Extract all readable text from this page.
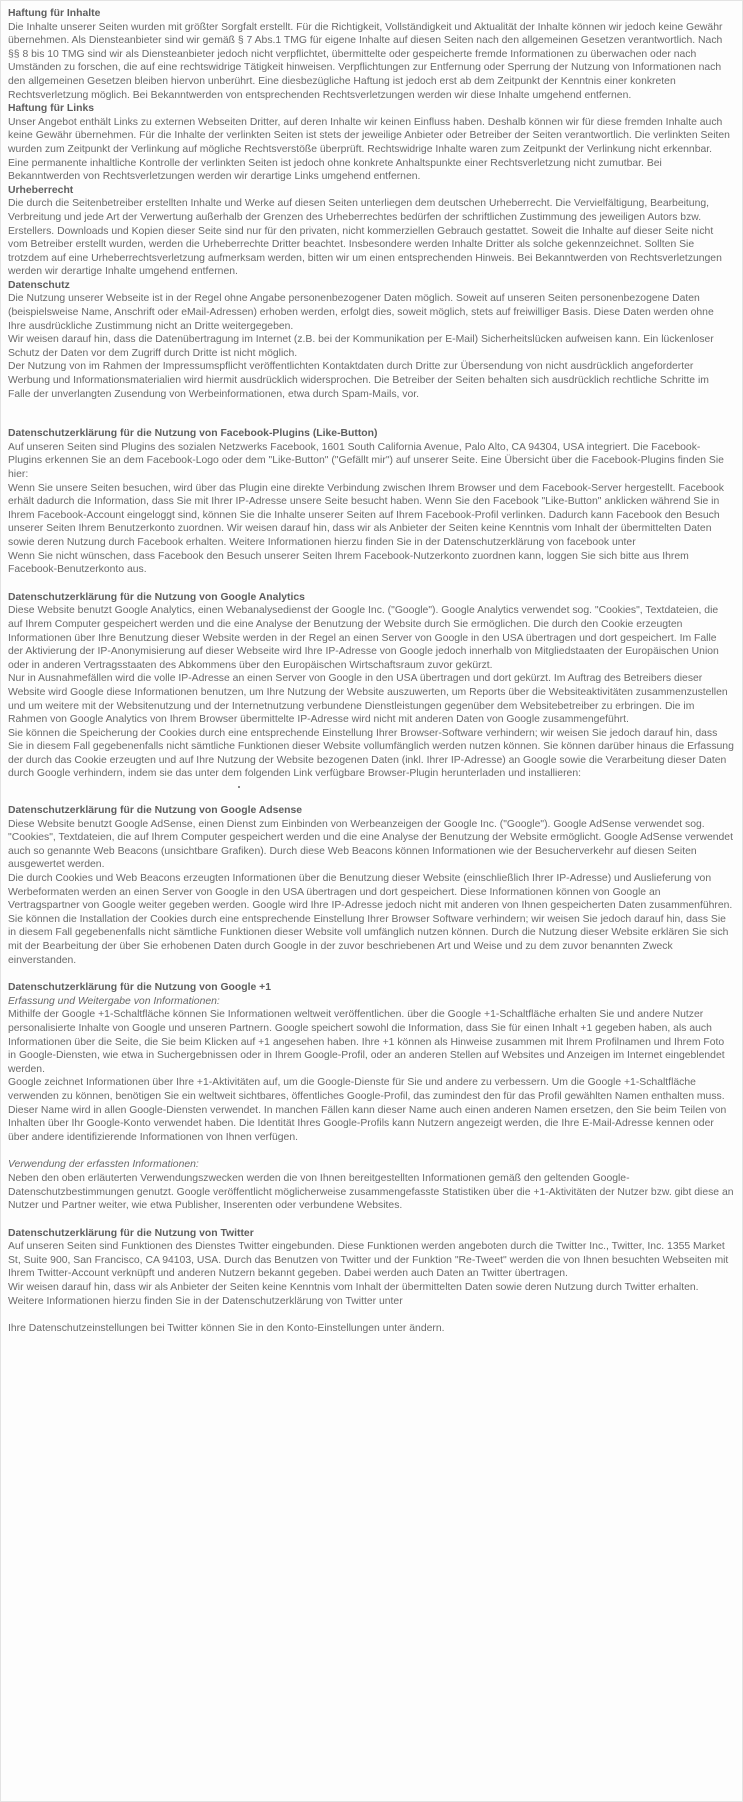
Haftung für Inhalte

Die Inhalte unserer Seiten wurden mit größter Sorgfalt erstellt. Für die Richtigkeit, Vollständigkeit und Aktualität der Inhalte können wir jedoch keine Gewähr übernehmen. Als Diensteanbieter sind wir gemäß § 7 Abs.1 TMG für eigene Inhalte auf diesen Seiten nach den allgemeinen Gesetzen verantwortlich. Nach §§ 8 bis 10 TMG sind wir als Diensteanbieter jedoch nicht verpflichtet, übermittelte oder gespeicherte fremde Informationen zu überwachen oder nach Umständen zu forschen, die auf eine rechtswidrige Tätigkeit hinweisen. Verpflichtungen zur Entfernung oder Sperrung der Nutzung von Informationen nach den allgemeinen Gesetzen bleiben hiervon unberührt. Eine diesbezügliche Haftung ist jedoch erst ab dem Zeitpunkt der Kenntnis einer konkreten Rechtsverletzung möglich. Bei Bekanntwerden von entsprechenden Rechtsverletzungen werden wir diese Inhalte umgehend entfernen.

Haftung für Links

Unser Angebot enthält Links zu externen Webseiten Dritter, auf deren Inhalte wir keinen Einfluss haben. Deshalb können wir für diese fremden Inhalte auch keine Gewähr übernehmen. Für die Inhalte der verlinkten Seiten ist stets der jeweilige Anbieter oder Betreiber der Seiten verantwortlich. Die verlinkten Seiten wurden zum Zeitpunkt der Verlinkung auf mögliche Rechtsverstöße überprüft. Rechtswidrige Inhalte waren zum Zeitpunkt der Verlinkung nicht erkennbar. Eine permanente inhaltliche Kontrolle der verlinkten Seiten ist jedoch ohne konkrete Anhaltspunkte einer Rechtsverletzung nicht zumutbar. Bei Bekanntwerden von Rechtsverletzungen werden wir derartige Links umgehend entfernen.

Urheberrecht

Die durch die Seitenbetreiber erstellten Inhalte und Werke auf diesen Seiten unterliegen dem deutschen Urheberrecht. Die Vervielfältigung, Bearbeitung, Verbreitung und jede Art der Verwertung außerhalb der Grenzen des Urheberrechtes bedürfen der schriftlichen Zustimmung des jeweiligen Autors bzw. Erstellers. Downloads und Kopien dieser Seite sind nur für den privaten, nicht kommerziellen Gebrauch gestattet. Soweit die Inhalte auf dieser Seite nicht vom Betreiber erstellt wurden, werden die Urheberrechte Dritter beachtet. Insbesondere werden Inhalte Dritter als solche gekennzeichnet. Sollten Sie trotzdem auf eine Urheberrechtsverletzung aufmerksam werden, bitten wir um einen entsprechenden Hinweis. Bei Bekanntwerden von Rechtsverletzungen werden wir derartige Inhalte umgehend entfernen.

Datenschutz

Die Nutzung unserer Webseite ist in der Regel ohne Angabe personenbezogener Daten möglich. Soweit auf unseren Seiten personenbezogene Daten (beispielsweise Name, Anschrift oder eMail-Adressen) erhoben werden, erfolgt dies, soweit möglich, stets auf freiwilliger Basis. Diese Daten werden ohne Ihre ausdrückliche Zustimmung nicht an Dritte weitergegeben.

Wir weisen darauf hin, dass die Datenübertragung im Internet (z.B. bei der Kommunikation per E-Mail) Sicherheitslücken aufweisen kann. Ein lückenloser Schutz der Daten vor dem Zugriff durch Dritte ist nicht möglich.

Der Nutzung von im Rahmen der Impressumspflicht veröffentlichten Kontaktdaten durch Dritte zur Übersendung von nicht ausdrücklich angeforderter Werbung und Informationsmaterialien wird hiermit ausdrücklich widersprochen. Die Betreiber der Seiten behalten sich ausdrücklich rechtliche Schritte im Falle der unverlangten Zusendung von Werbeinformationen, etwa durch Spam-Mails, vor.

Datenschutzerklärung für die Nutzung von Facebook-Plugins (Like-Button)

Auf unseren Seiten sind Plugins des sozialen Netzwerks Facebook, 1601 South California Avenue, Palo Alto, CA 94304, USA integriert. Die Facebook-Plugins erkennen Sie an dem Facebook-Logo oder dem "Like-Button" ("Gefällt mir") auf unserer Seite. Eine Übersicht über die Facebook-Plugins finden Sie hier:

Wenn Sie unsere Seiten besuchen, wird über das Plugin eine direkte Verbindung zwischen Ihrem Browser und dem Facebook-Server hergestellt. Facebook erhält dadurch die Information, dass Sie mit Ihrer IP-Adresse unsere Seite besucht haben. Wenn Sie den Facebook "Like-Button" anklicken während Sie in Ihrem Facebook-Account eingeloggt sind, können Sie die Inhalte unserer Seiten auf Ihrem Facebook-Profil verlinken. Dadurch kann Facebook den Besuch unserer Seiten Ihrem Benutzerkonto zuordnen. Wir weisen darauf hin, dass wir als Anbieter der Seiten keine Kenntnis vom Inhalt der übermittelten Daten sowie deren Nutzung durch Facebook erhalten. Weitere Informationen hierzu finden Sie in der Datenschutzerklärung von facebook unter

Wenn Sie nicht wünschen, dass Facebook den Besuch unserer Seiten Ihrem Facebook-Nutzerkonto zuordnen kann, loggen Sie sich bitte aus Ihrem Facebook-Benutzerkonto aus.

Datenschutzerklärung für die Nutzung von Google Analytics

Diese Website benutzt Google Analytics, einen Webanalysedienst der Google Inc. ("Google"). Google Analytics verwendet sog. "Cookies", Textdateien, die auf Ihrem Computer gespeichert werden und die eine Analyse der Benutzung der Website durch Sie ermöglichen. Die durch den Cookie erzeugten Informationen über Ihre Benutzung dieser Website werden in der Regel an einen Server von Google in den USA übertragen und dort gespeichert. Im Falle der Aktivierung der IP-Anonymisierung auf dieser Webseite wird Ihre IP-Adresse von Google jedoch innerhalb von Mitgliedstaaten der Europäischen Union oder in anderen Vertragsstaaten des Abkommens über den Europäischen Wirtschaftsraum zuvor gekürzt.

Nur in Ausnahmefällen wird die volle IP-Adresse an einen Server von Google in den USA übertragen und dort gekürzt. Im Auftrag des Betreibers dieser Website wird Google diese Informationen benutzen, um Ihre Nutzung der Website auszuwerten, um Reports über die Websiteaktivitäten zusammenzustellen und um weitere mit der Websitenutzung und der Internetnutzung verbundene Dienstleistungen gegenüber dem Websitebetreiber zu erbringen. Die im Rahmen von Google Analytics von Ihrem Browser übermittelte IP-Adresse wird nicht mit anderen Daten von Google zusammengeführt.

Sie können die Speicherung der Cookies durch eine entsprechende Einstellung Ihrer Browser-Software verhindern; wir weisen Sie jedoch darauf hin, dass Sie in diesem Fall gegebenenfalls nicht sämtliche Funktionen dieser Website vollumfänglich werden nutzen können. Sie können darüber hinaus die Erfassung der durch das Cookie erzeugten und auf Ihre Nutzung der Website bezogenen Daten (inkl. Ihrer IP-Adresse) an Google sowie die Verarbeitung dieser Daten durch Google verhindern, indem sie das unter dem folgenden Link verfügbare Browser-Plugin herunterladen und installieren:

Datenschutzerklärung für die Nutzung von Google Adsense

Diese Website benutzt Google AdSense, einen Dienst zum Einbinden von Werbeanzeigen der Google Inc. ("Google"). Google AdSense verwendet sog. "Cookies", Textdateien, die auf Ihrem Computer gespeichert werden und die eine Analyse der Benutzung der Website ermöglicht. Google AdSense verwendet auch so genannte Web Beacons (unsichtbare Grafiken). Durch diese Web Beacons können Informationen wie der Besucherverkehr auf diesen Seiten ausgewertet werden.

Die durch Cookies und Web Beacons erzeugten Informationen über die Benutzung dieser Website (einschließlich Ihrer IP-Adresse) und Auslieferung von Werbeformaten werden an einen Server von Google in den USA übertragen und dort gespeichert. Diese Informationen können von Google an Vertragspartner von Google weiter gegeben werden. Google wird Ihre IP-Adresse jedoch nicht mit anderen von Ihnen gespeicherten Daten zusammenführen.

Sie können die Installation der Cookies durch eine entsprechende Einstellung Ihrer Browser Software verhindern; wir weisen Sie jedoch darauf hin, dass Sie in diesem Fall gegebenenfalls nicht sämtliche Funktionen dieser Website voll umfänglich nutzen können. Durch die Nutzung dieser Website erklären Sie sich mit der Bearbeitung der über Sie erhobenen Daten durch Google in der zuvor beschriebenen Art und Weise und zu dem zuvor benannten Zweck einverstanden.

Datenschutzerklärung für die Nutzung von Google +1
Erfassung und Weitergabe von Informationen:

Mithilfe der Google +1-Schaltfläche können Sie Informationen weltweit veröffentlichen. über die Google +1-Schaltfläche erhalten Sie und andere Nutzer personalisierte Inhalte von Google und unseren Partnern. Google speichert sowohl die Information, dass Sie für einen Inhalt +1 gegeben haben, als auch Informationen über die Seite, die Sie beim Klicken auf +1 angesehen haben. Ihre +1 können als Hinweise zusammen mit Ihrem Profilnamen und Ihrem Foto in Google-Diensten, wie etwa in Suchergebnissen oder in Ihrem Google-Profil, oder an anderen Stellen auf Websites und Anzeigen im Internet eingeblendet werden.

Google zeichnet Informationen über Ihre +1-Aktivitäten auf, um die Google-Dienste für Sie und andere zu verbessern. Um die Google +1-Schaltfläche verwenden zu können, benötigen Sie ein weltweit sichtbares, öffentliches Google-Profil, das zumindest den für das Profil gewählten Namen enthalten muss. Dieser Name wird in allen Google-Diensten verwendet. In manchen Fällen kann dieser Name auch einen anderen Namen ersetzen, den Sie beim Teilen von Inhalten über Ihr Google-Konto verwendet haben. Die Identität Ihres Google-Profils kann Nutzern angezeigt werden, die Ihre E-Mail-Adresse kennen oder über andere identifizierende Informationen von Ihnen verfügen.

Verwendung der erfassten Informationen:

Neben den oben erläuterten Verwendungszwecken werden die von Ihnen bereitgestellten Informationen gemäß den geltenden Google-Datenschutzbestimmungen genutzt. Google veröffentlicht möglicherweise zusammengefasste Statistiken über die +1-Aktivitäten der Nutzer bzw. gibt diese an Nutzer und Partner weiter, wie etwa Publisher, Inserenten oder verbundene Websites.

Datenschutzerklärung für die Nutzung von Twitter

Auf unseren Seiten sind Funktionen des Dienstes Twitter eingebunden. Diese Funktionen werden angeboten durch die Twitter Inc., Twitter, Inc. 1355 Market St, Suite 900, San Francisco, CA 94103, USA. Durch das Benutzen von Twitter und der Funktion "Re-Tweet" werden die von Ihnen besuchten Webseiten mit Ihrem Twitter-Account verknüpft und anderen Nutzern bekannt gegeben. Dabei werden auch Daten an Twitter übertragen.

Wir weisen darauf hin, dass wir als Anbieter der Seiten keine Kenntnis vom Inhalt der übermittelten Daten sowie deren Nutzung durch Twitter erhalten. Weitere Informationen hierzu finden Sie in der Datenschutzerklärung von Twitter unter

Ihre Datenschutzeinstellungen bei Twitter können Sie in den Konto-Einstellungen unter ändern.
